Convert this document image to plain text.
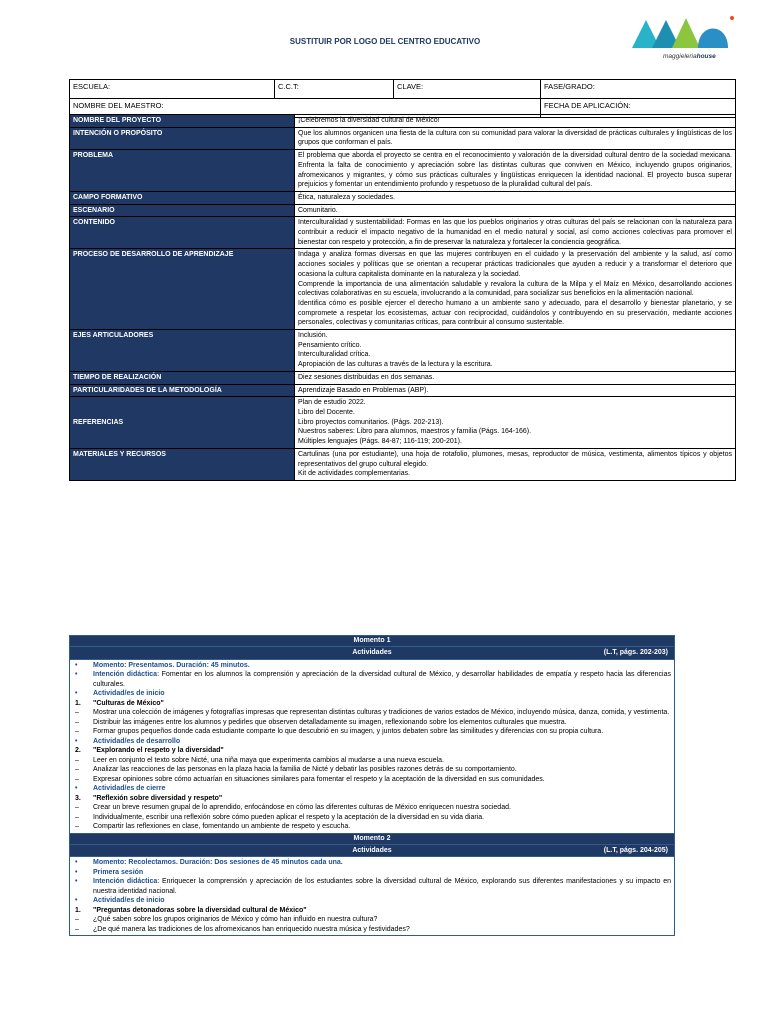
SUSTITUIR POR LOGO DEL CENTRO EDUCATIVO
maggieleriahouse
ESCUELA:	C.C.T:	CLAVE:	FASE/GRADO:
NOMBRE DEL MAESTRO:			FECHA DE APLICACIÓN:
NOMBRE DEL PROYECTO	¡Celebremos la diversidad cultural de México!

INTENCIÓN O PROPÓSITO	Que los alumnos organicen una fiesta de la cultura con su comunidad para valorar la diversidad de prácticas culturales y lingüísticas de los grupos que conforman el país.

PROBLEMA	El problema que aborda el proyecto se centra en el reconocimiento y valoración de la diversidad cultural dentro de la sociedad mexicana. Enfrenta la falta de conocimiento y apreciación sobre las distintas culturas que conviven en México, incluyendo grupos originarios, afromexicanos y migrantes, y cómo sus prácticas culturales y lingüísticas enriquecen la identidad nacional. El proyecto busca superar prejuicios y fomentar un entendimiento profundo y respetuoso de la pluralidad cultural del país.

CAMPO FORMATIVO	Ética, naturaleza y sociedades.

ESCENARIO	Comunitario.

CONTENIDO	Interculturalidad y sustentabilidad: Formas en las que los pueblos originarios y otras culturas del país se relacionan con la naturaleza para contribuir a reducir el impacto negativo de la humanidad en el medio natural y social, así como acciones colectivas para promover el bienestar con respeto y protección, a fin de preservar la naturaleza y fortalecer la conciencia geográfica.

PROCESO DE DESARROLLO DE APRENDIZAJE	Indaga y analiza formas diversas en que las mujeres contribuyen en el cuidado y la preservación del ambiente y la salud, así como acciones sociales y políticas que se orientan a recuperar prácticas tradicionales que ayuden a reducir y a transformar el deterioro que ocasiona la cultura capitalista dominante en la naturaleza y la sociedad.
Comprende la importancia de una alimentación saludable y revalora la cultura de la Milpa y el Maíz en México, desarrollando acciones colectivas colaborativas en su escuela, involucrando a la comunidad, para socializar sus beneficios en la alimentación nacional.
Identifica cómo es posible ejercer el derecho humano a un ambiente sano y adecuado, para el desarrollo y bienestar planetario, y se compromete a respetar los ecosistemas, actuar con reciprocidad, cuidándolos y contribuyendo en su preservación, mediante acciones personales, colectivas y comunitarias críticas, para contribuir al consumo sustentable.

EJES ARTICULADORES	Inclusión.
Pensamiento crítico.
Interculturalidad crítica.
Apropiación de las culturas a través de la lectura y la escritura.

TIEMPO DE REALIZACIÓN	Diez sesiones distribuidas en dos semanas.

PARTICULARIDADES DE LA METODOLOGÍA	Aprendizaje Basado en Problemas (ABP).

REFERENCIAS	Plan de estudio 2022.
Libro del Docente.
Libro proyectos comunitarios. (Págs. 202-213).
Nuestros saberes: Libro para alumnos, maestros y familia (Págs. 164-166).
Múltiples lenguajes (Págs. 84-87; 116-119; 200-201).

MATERIALES Y RECURSOS	Cartulinas (una por estudiante), una hoja de rotafolio, plumones, mesas, reproductor de música, vestimenta, alimentos típicos y objetos representativos del grupo cultural elegido.
Kit de actividades complementarias.
Momento 1
Actividades	(L.T, págs. 202-203)

•	Momento: Presentamos. Duración: 45 minutos.
•	Intención didáctica: Fomentar en los alumnos la comprensión y apreciación de la diversidad cultural de México, y desarrollar habilidades de empatía y respeto hacia las diferencias culturales.
•	Actividad/es de inicio
1.	"Culturas de México"
–	Mostrar una colección de imágenes y fotografías impresas que representan distintas culturas y tradiciones de varios estados de México, incluyendo música, danza, comida, y vestimenta.
–	Distribuir las imágenes entre los alumnos y pedirles que observen detalladamente su imagen, reflexionando sobre los elementos culturales que muestra.
–	Formar grupos pequeños donde cada estudiante comparte lo que descubrió en su imagen, y juntos debaten sobre las similitudes y diferencias con su propia cultura.
•	Actividad/es de desarrollo
2.	"Explorando el respeto y la diversidad"
–	Leer en conjunto el texto sobre Nicté, una niña maya que experimenta cambios al mudarse a una nueva escuela.
–	Analizar las reacciones de las personas en la plaza hacia la familia de Nicté y debatir las posibles razones detrás de su comportamiento.
–	Expresar opiniones sobre cómo actuarían en situaciones similares para fomentar el respeto y la aceptación de la diversidad en sus comunidades.
•	Actividad/es de cierre
3.	"Reflexión sobre diversidad y respeto"
–	Crear un breve resumen grupal de lo aprendido, enfocándose en cómo las diferentes culturas de México enriquecen nuestra sociedad.
–	Individualmente, escribir una reflexión sobre cómo pueden aplicar el respeto y la aceptación de la diversidad en su vida diaria.
–	Compartir las reflexiones en clase, fomentando un ambiente de respeto y escucha.

Momento 2
Actividades	(L.T, págs. 204-205)

•	Momento: Recolectamos. Duración: Dos sesiones de 45 minutos cada una.
•	Primera sesión
•	Intención didáctica: Enriquecer la comprensión y apreciación de los estudiantes sobre la diversidad cultural de México, explorando sus diferentes manifestaciones y su impacto en nuestra identidad nacional.
•	Actividad/es de inicio
1.	"Preguntas detonadoras sobre la diversidad cultural de México"
–	¿Qué saben sobre los grupos originarios de México y cómo han influido en nuestra cultura?
–	¿De qué manera las tradiciones de los afromexicanos han enriquecido nuestra música y festividades?
